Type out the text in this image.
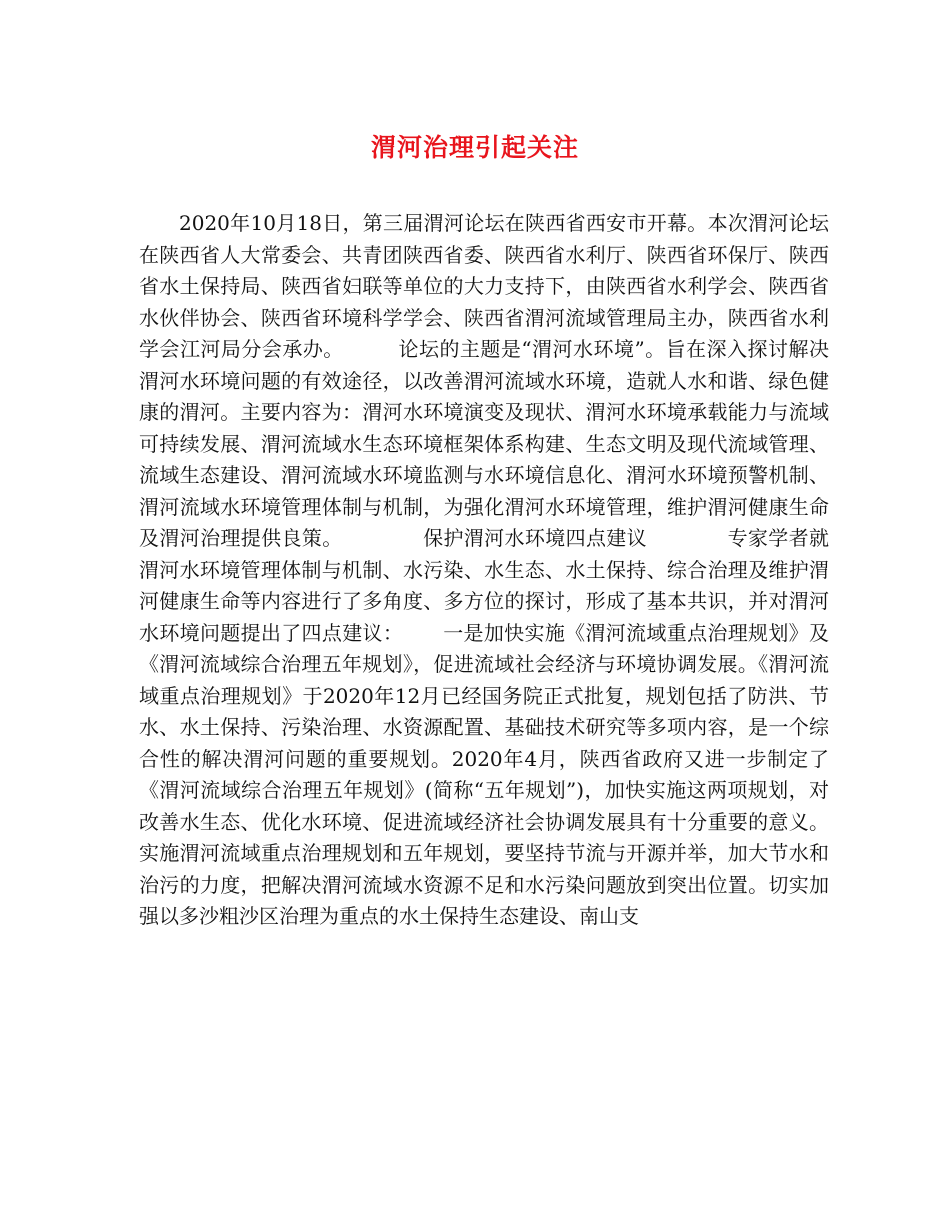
渭河治理引起关注

2020年10月18日，第三届渭河论坛在陕西省西安市开幕。本次渭河论坛在陕西省人大常委会、共青团陕西省委、陕西省水利厅、陕西省环保厅、陕西省水土保持局、陕西省妇联等单位的大力支持下，由陕西省水利学会、陕西省水伙伴协会、陕西省环境科学学会、陕西省渭河流域管理局主办，陕西省水利学会江河局分会承办。        论坛的主题是“渭河水环境”。旨在深入探讨解决渭河水环境问题的有效途径，以改善渭河流域水环境，造就人水和谐、绿色健康的渭河。主要内容为：渭河水环境演变及现状、渭河水环境承载能力与流域可持续发展、渭河流域水生态环境框架体系构建、生态文明及现代流域管理、流域生态建设、渭河流域水环境监测与水环境信息化、渭河水环境预警机制、渭河流域水环境管理体制与机制，为强化渭河水环境管理，维护渭河健康生命及渭河治理提供良策。            保护渭河水环境四点建议            专家学者就渭河水环境管理体制与机制、水污染、水生态、水土保持、综合治理及维护渭河健康生命等内容进行了多角度、多方位的探讨，形成了基本共识，并对渭河水环境问题提出了四点建议：      一是加快实施《渭河流域重点治理规划》及《渭河流域综合治理五年规划》，促进流域社会经济与环境协调发展。《渭河流域重点治理规划》于2020年12月已经国务院正式批复，规划包括了防洪、节水、水土保持、污染治理、水资源配置、基础技术研究等多项内容，是一个综合性的解决渭河问题的重要规划。2020年4月，陕西省政府又进一步制定了《渭河流域综合治理五年规划》(简称“五年规划”)，加快实施这两项规划，对改善水生态、优化水环境、促进流域经济社会协调发展具有十分重要的意义。实施渭河流域重点治理规划和五年规划，要坚持节流与开源并举，加大节水和治污的力度，把解决渭河流域水资源不足和水污染问题放到突出位置。切实加强以多沙粗沙区治理为重点的水土保持生态建设、南山支
